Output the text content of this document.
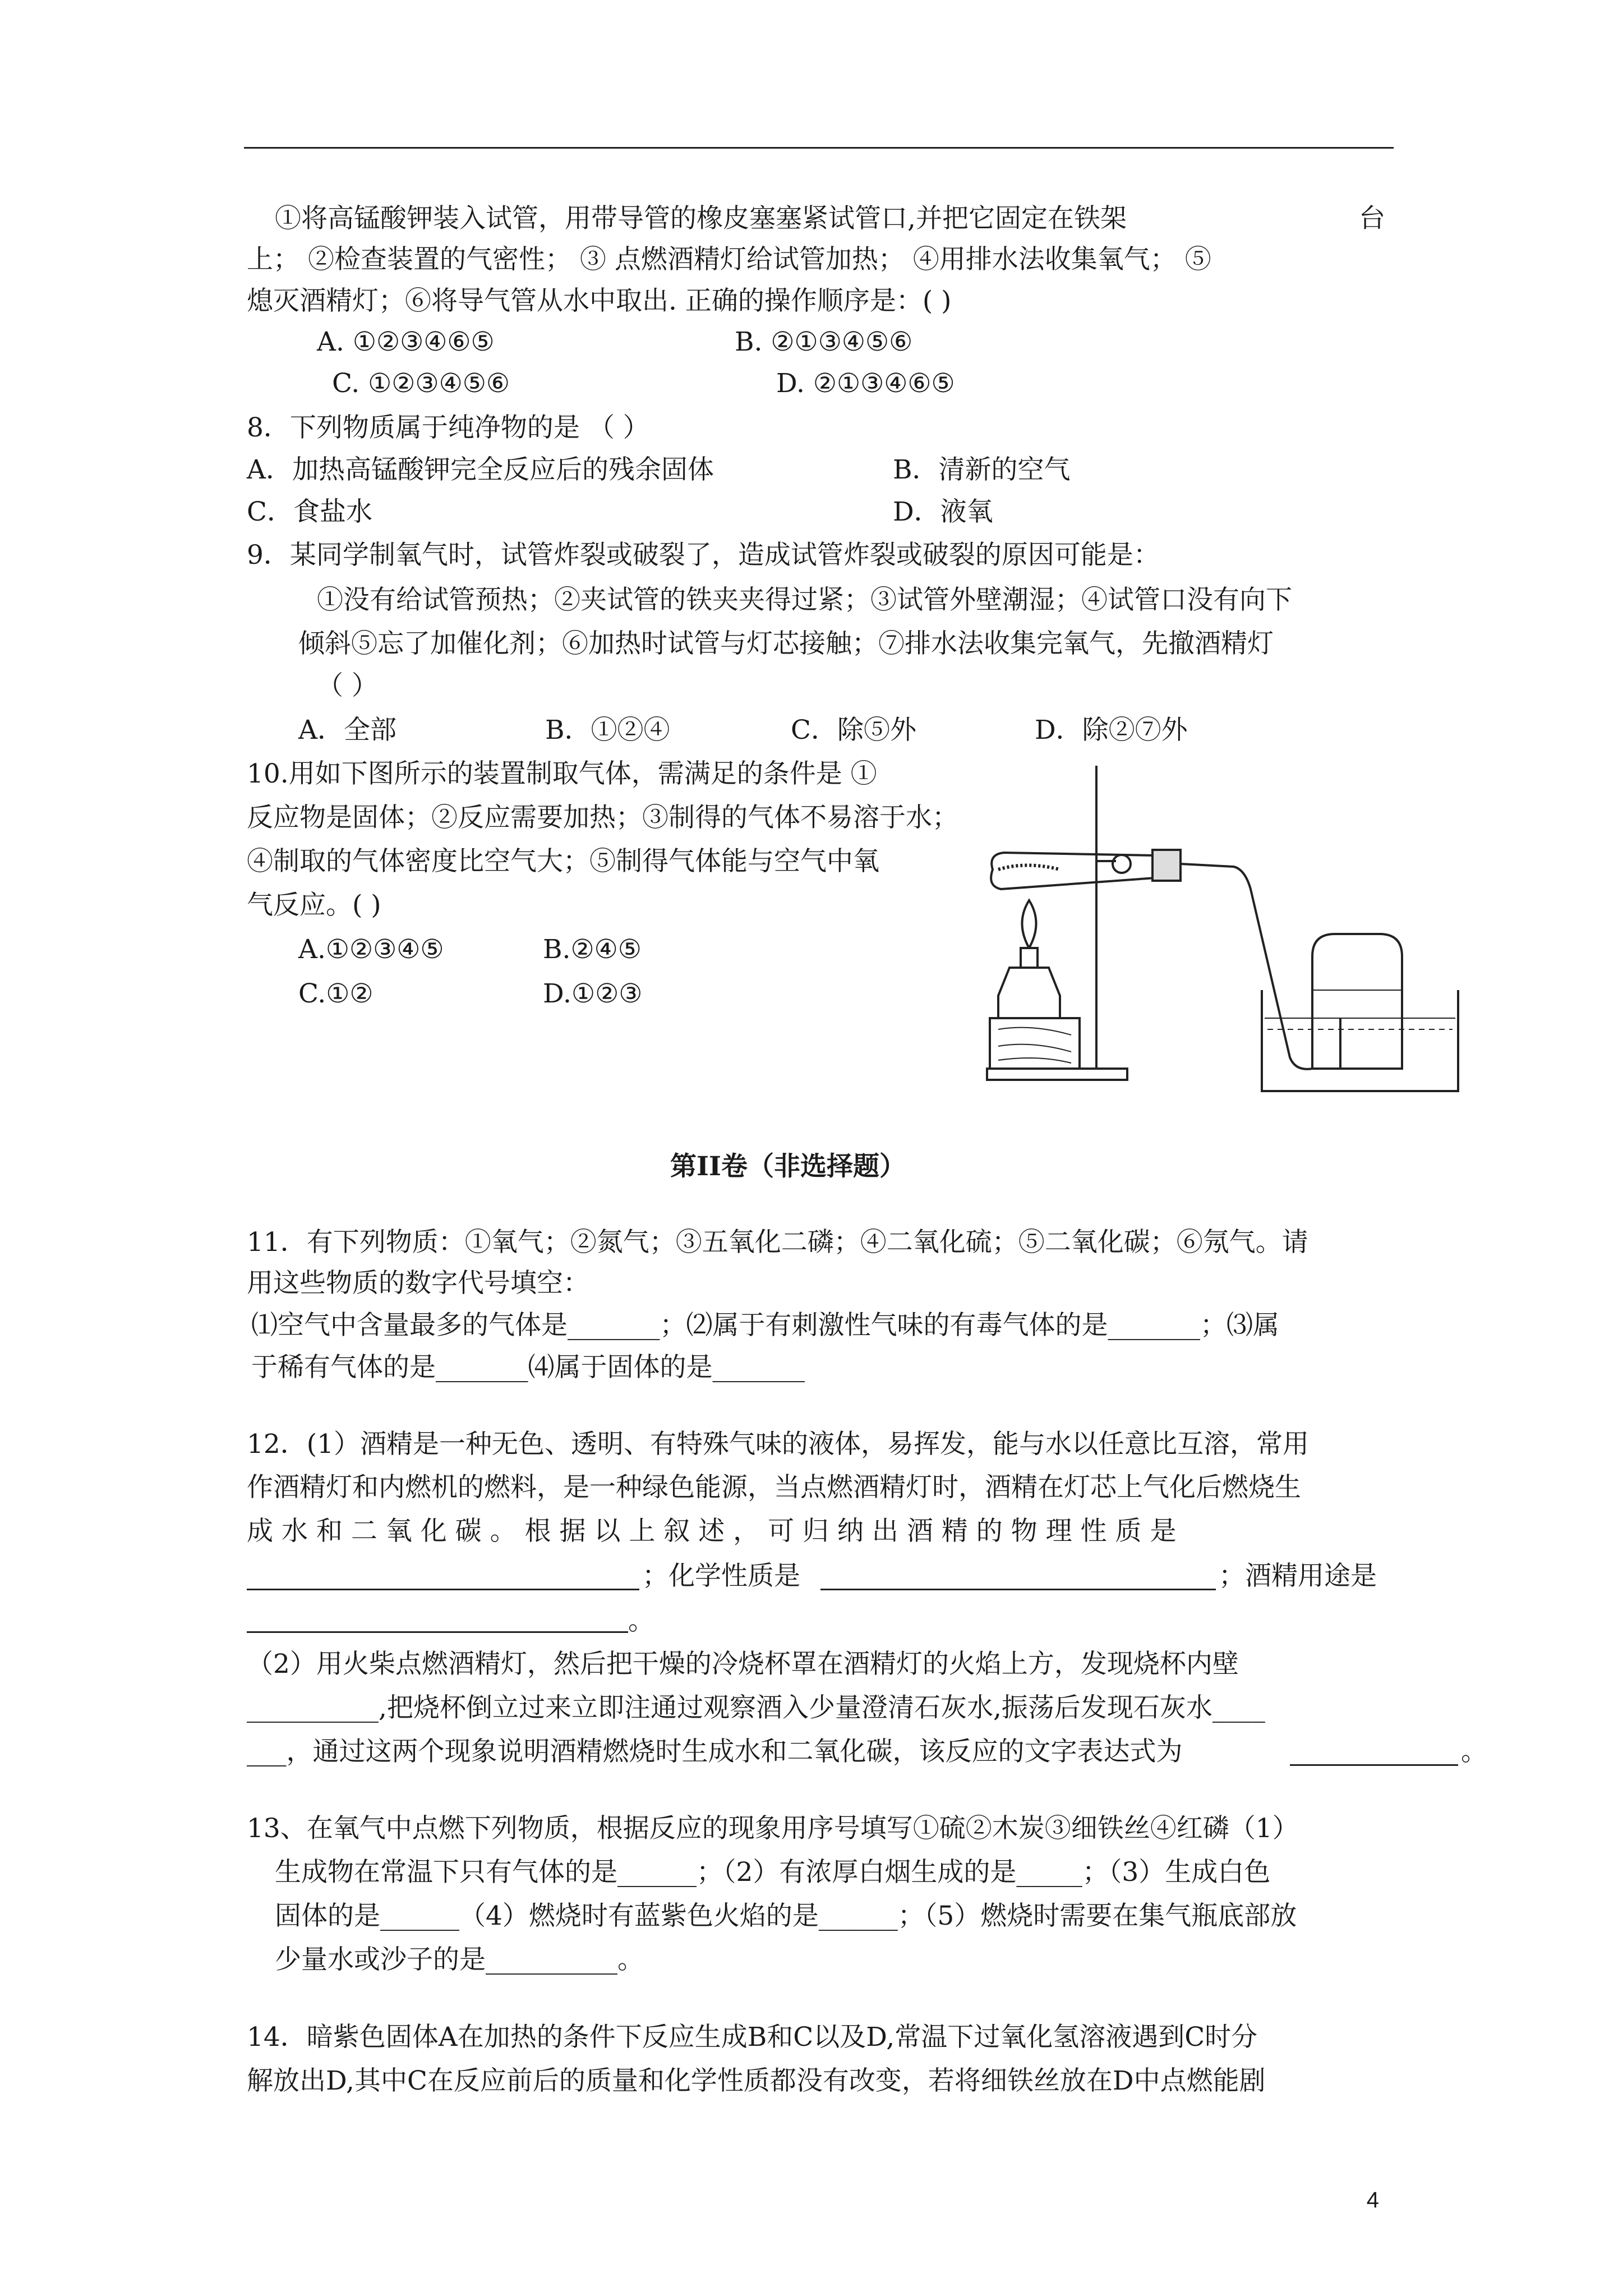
①将高锰酸钾装入试管，用带导管的橡皮塞塞紧试管口,并把它固定在铁架	台
上； ②检查装置的气密性； ③ 点燃酒精灯给试管加热； ④用排水法收集氧气； ⑤
熄灭酒精灯；⑥将导气管从水中取出. 正确的操作顺序是：( )
A. ①②③④⑥⑤	B. ②①③④⑤⑥
C. ①②③④⑤⑥	D. ②①③④⑥⑤
8．下列物质属于纯净物的是 （ ）
A．加热高锰酸钾完全反应后的残余固体	B．清新的空气
C．食盐水	D．液氧
9．某同学制氧气时，试管炸裂或破裂了，造成试管炸裂或破裂的原因可能是：
①没有给试管预热；②夹试管的铁夹夹得过紧；③试管外壁潮湿；④试管口没有向下
倾斜⑤忘了加催化剂；⑥加热时试管与灯芯接触；⑦排水法收集完氧气，先撤酒精灯
（ ）
A．全部	B．①②④	C．除⑤外	D．除②⑦外
10.用如下图所示的装置制取气体，需满足的条件是 ①
反应物是固体；②反应需要加热；③制得的气体不易溶于水；
④制取的气体密度比空气大；⑤制得气体能与空气中氧
气反应。( )
A.①②③④⑤	B.②④⑤
C.①②	D.①②③
第II卷（非选择题）
11．有下列物质：①氧气；②氮气；③五氧化二磷；④二氧化硫；⑤二氧化碳；⑥氖气。请
用这些物质的数字代号填空：
⑴空气中含量最多的气体是_______；⑵属于有刺激性气味的有毒气体的是_______；⑶属
于稀有气体的是_______⑷属于固体的是_______
12．(1）酒精是一种无色、透明、有特殊气味的液体，易挥发，能与水以任意比互溶，常用
作酒精灯和内燃机的燃料，是一种绿色能源，当点燃酒精灯时，酒精在灯芯上气化后燃烧生
成 水 和 二 氧 化 碳 。 根 据 以 上 叙 述 ， 可 归 纳 出 酒 精 的 物 理 性 质 是
；化学性质是	；酒精用途是
。
（2）用火柴点燃酒精灯，然后把干燥的冷烧杯罩在酒精灯的火焰上方，发现烧杯内壁
__________,把烧杯倒立过来立即注通过观察酒入少量澄清石灰水,振荡后发现石灰水____
___，通过这两个现象说明酒精燃烧时生成水和二氧化碳，该反应的文字表达式为	。
13、在氧气中点燃下列物质，根据反应的现象用序号填写①硫②木炭③细铁丝④红磷（1）
生成物在常温下只有气体的是______；（2）有浓厚白烟生成的是_____；（3）生成白色
固体的是______（4）燃烧时有蓝紫色火焰的是______；（5）燃烧时需要在集气瓶底部放
少量水或沙子的是__________。
14．暗紫色固体A在加热的条件下反应生成B和C以及D,常温下过氧化氢溶液遇到C时分
解放出D,其中C在反应前后的质量和化学性质都没有改变，若将细铁丝放在D中点燃能剧
4
